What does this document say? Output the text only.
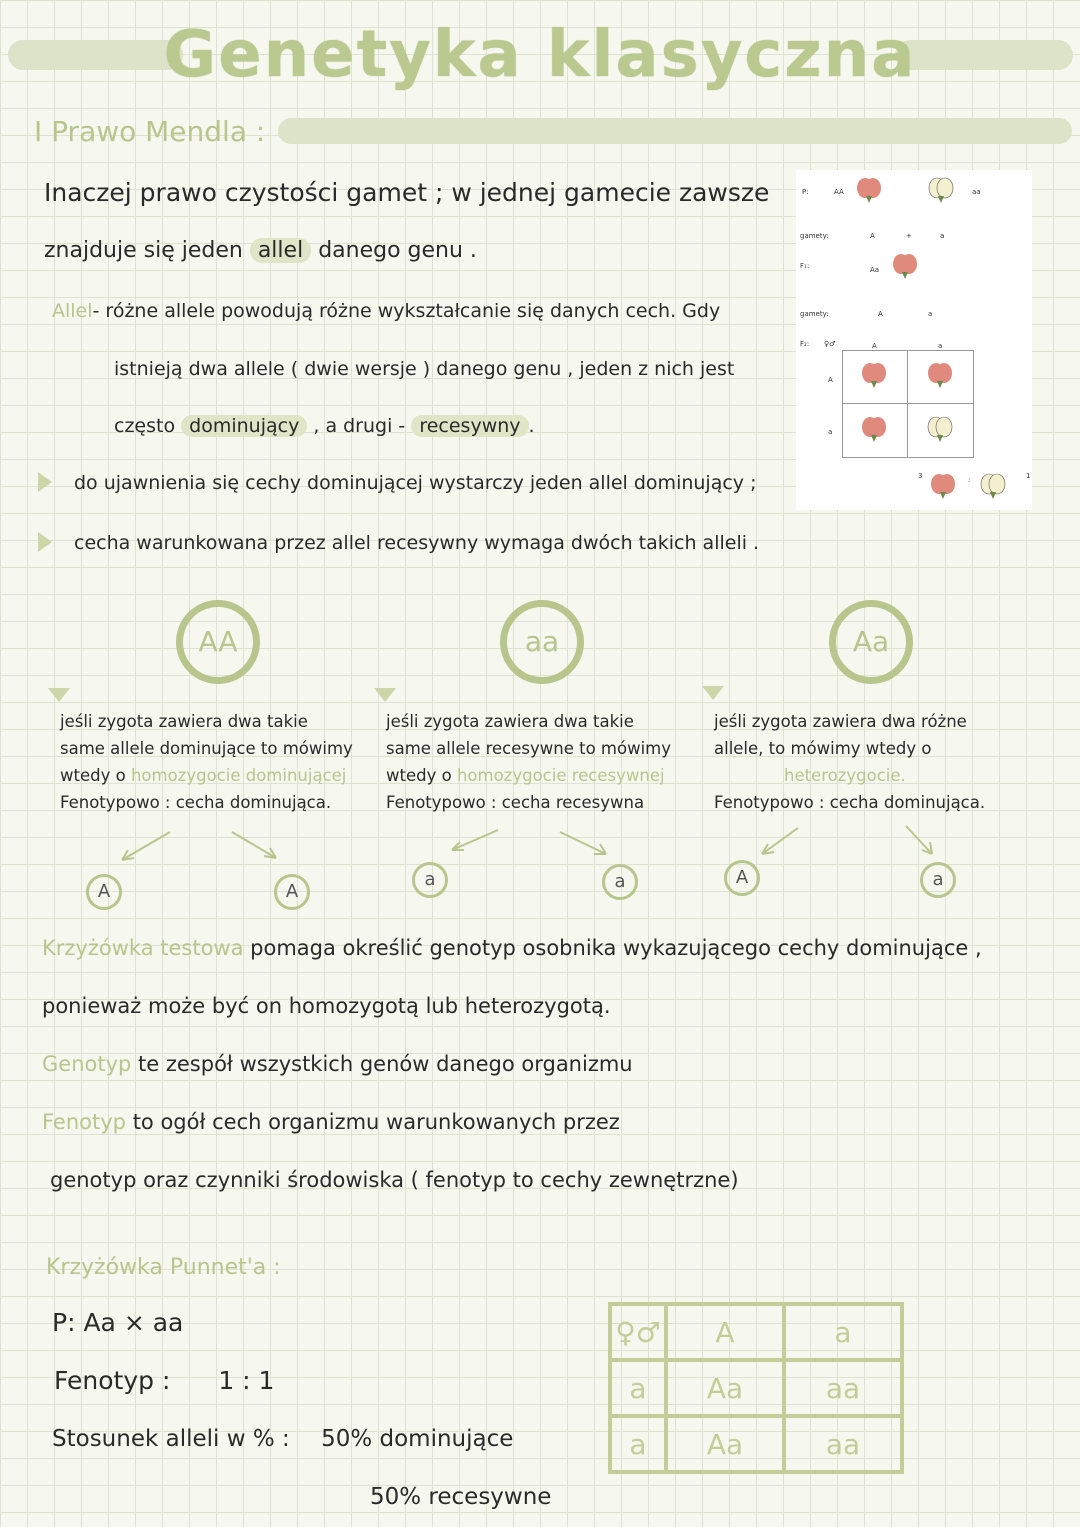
Genetyka klasyczna
I Prawo Mendla :
Inaczej prawo czystości gamet ; w jednej gamecie zawsze
znajduje się jeden allel danego genu .
Allel- różne allele powodują różne wykształcanie się danych cech. Gdy
istnieją dwa allele ( dwie wersje ) danego genu , jeden z nich jest
często dominujący , a drugi - recesywny .
do ujawnienia się cechy dominującej wystarczy jeden allel dominujący ;
cecha warunkowana przez allel recesywny wymaga dwóch takich alleli .
P:	AA	aa
gamety:	A	+	a
F₁:	Aa
gamety:	A	a
F₂: ♀♂	A	a
A
a
3	:	1
AA	aa	Aa
jeśli zygota zawiera dwa takie
same allele dominujące to mówimy
wtedy o homozygocie dominującej
Fenotypowo : cecha dominująca.
jeśli zygota zawiera dwa takie
same allele recesywne to mówimy
wtedy o homozygocie recesywnej
Fenotypowo : cecha recesywna
jeśli zygota zawiera dwa różne
allele, to mówimy wtedy o
heterozygocie.
Fenotypowo : cecha dominująca.
A	A
a	a	A	a
Krzyżówka testowa pomaga określić genotyp osobnika wykazującego cechy dominujące ,
ponieważ może być on homozygotą lub heterozygotą.
Genotyp te zespół wszystkich genów danego organizmu
Fenotyp to ogół cech organizmu warunkowanych przez
genotyp oraz czynniki środowiska ( fenotyp to cechy zewnętrzne)
Krzyżówka Punnet'a :
P: Aa × aa
Fenotyp : 1 : 1
Stosunek alleli w % : 50% dominujące
50% recesywne
♀♂	A	a
a	Aa	aa
a	Aa	aa
